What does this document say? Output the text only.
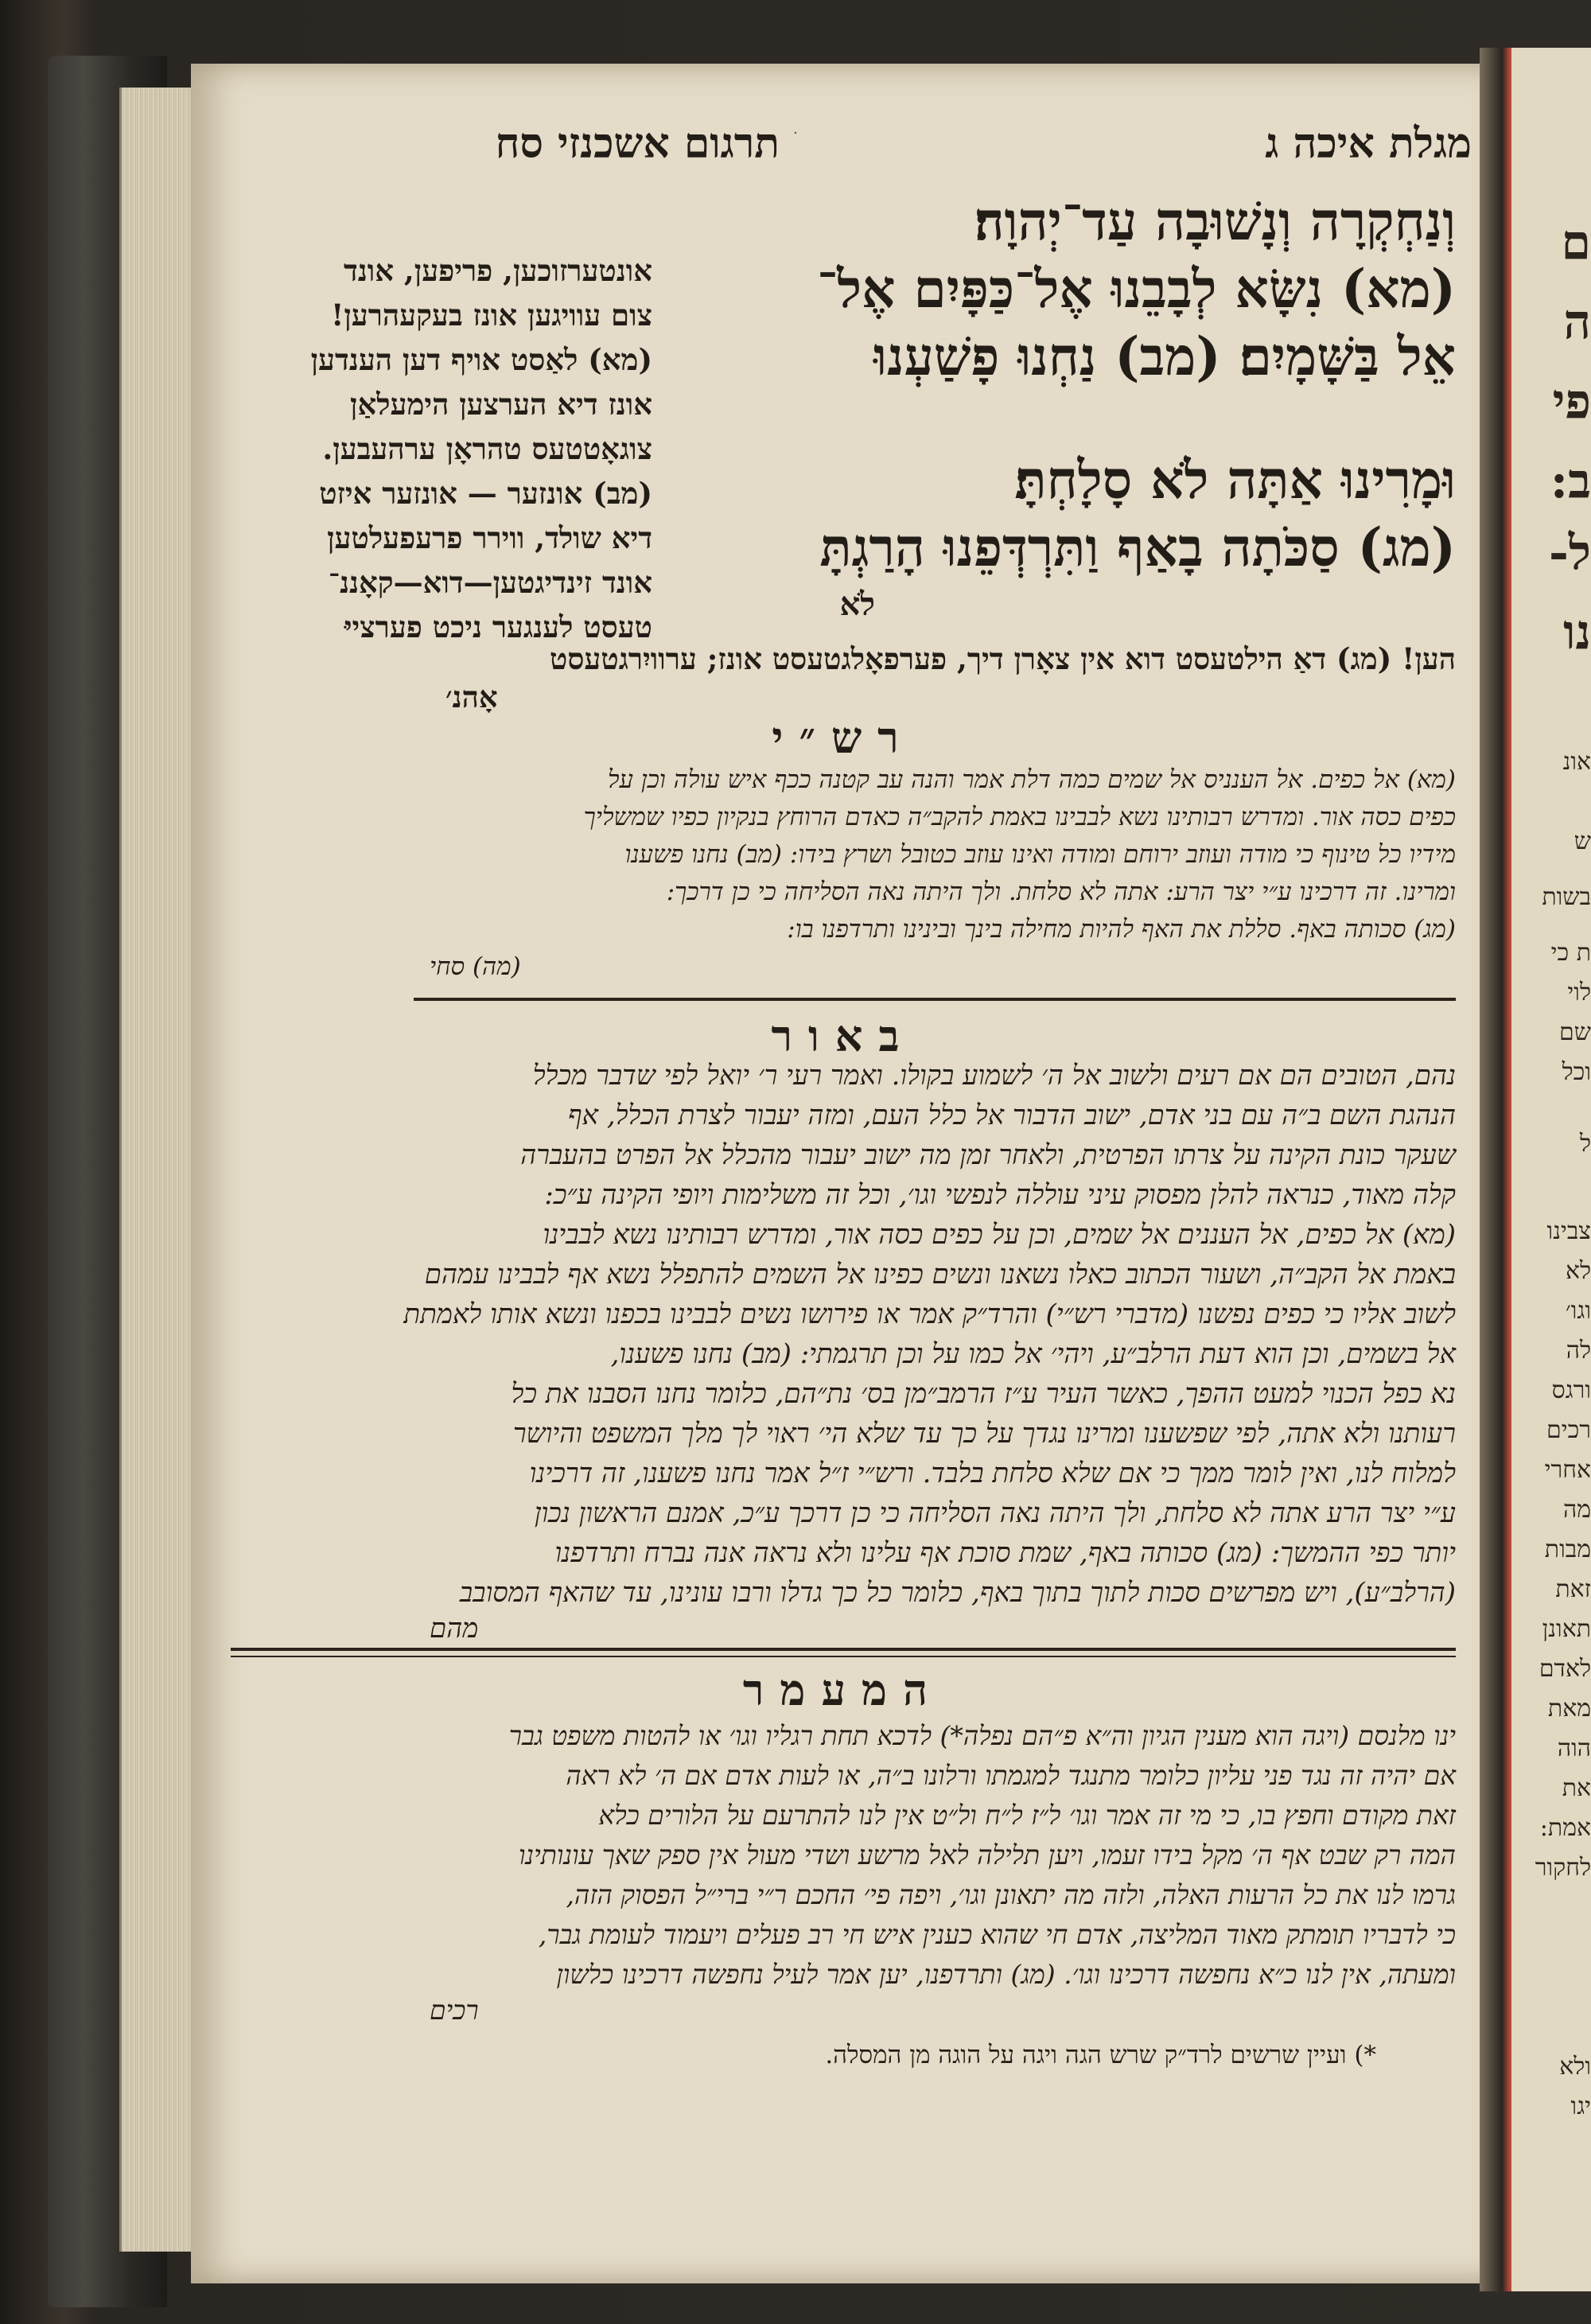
ם
ה
פי
ב:
ל-
נו
אונ
ש
בשות
ת כי
לוי
שם
וכל
ל
צבינו
לא
וגו׳
לה
ורגס
רכים
אחרי
מה
מבות
זאת
תאונן
לאדם
מאת
הוה
את
אמת:
לחקור
ולא
יגו
תרגום אשכנזי סח	מגלת איכה ג
וְנַחְקְרָה וְנָשׁוּבָה עַד־יְהוָה׃
(מא) נִשָּׂא לְבָבֵנוּ אֶל־כַּפָּיִם אֶל־
אֵל בַּשָּׁמָיִם׃ (מב) נַחְנוּ פָשַׁעְנוּ
וּמָרִינוּ אַתָּה לֹא סָלָחְתָּ׃
(מג) סַכֹּתָה בָאַף וַתִּרְדְּפֵנוּ הָרַגְתָּ
לֹא
אונטערזוכען, פריפען, אונד
צום עוויגען אונז בעקעהרען!
(מא) לאַסט אויף דען הענדען
אונז דיא הערצען הימעלאַן
צוגאָטטעס טהראָן ערהעבען.
(מב) אונזער — אונזער איזט
דיא שולד, ווירר פרעפעלטען
אונד זינדיגטען—דוא—קאָננ־
טעסט לענגער ניכט פערצייּ
הען! (מג) דאַ הילטעסט דוא אין צאָרן דיך, פערפאָלגטעסט אונז; ערוויִרגטעסט
אָהנ׳
רש״י
(מא) אל כפים. אל הענניס אל שמים כמה דלת אמר והנה עב קטנה ככף איש עולה וכן על
כפים כסה אור. ומדרש רבותינו נשא לבבינו באמת להקב״ה כאדם הרוחץ בנקיון כפיו שמשליך
מידיו כל טינוף כי מודה ועוזב ירוחם ומודה ואינו עוזב כטובל ושרץ בידו: (מב) נחנו פשענו
ומרינו. זה דרכינו ע״י יצר הרע: אתה לא סלחת. ולך היתה נאה הסליחה כי כן דרכך:
(מג) סכותה באף. סללת את האף להיות מחילה בינך ובינינו ותרדפנו בו:
(מה) סחי
באור
נהם, הטובים הם אם רעים ולשוב אל ה׳ לשמוע בקולו. ואמר רעי ר׳ יואל לפי שדבר מכלל
הנהגת השם ב״ה עם בני אדם, ישוב הדבור אל כלל העם, ומזה יעבור לצרת הכלל, אף
שעקר כונת הקינה על צרתו הפרטית, ולאחר זמן מה ישוב יעבור מהכלל אל הפרט בהעברה
קלה מאוד, כנראה להלן מפסוק עיני עוללה לנפשי וגו׳, וכל זה משלימות ויופי הקינה ע״כ:
(מא) אל כפים, אל העננים אל שמים, וכן על כפים כסה אור, ומדרש רבותינו נשא לבבינו
באמת אל הקב״ה, ושעור הכתוב כאלו נשאנו ונשים כפינו אל השמים להתפלל נשא אף לבבינו עמהם
לשוב אליו כי כפים נפשנו (מדברי רש״י) והרד״ק אמר או פירושו נשים לבבינו בכפנו ונשא אותו לאמתת
אל בשמים, וכן הוא דעת הרלב״ע, ויהי׳ אל כמו על וכן תרגמתי: (מב) נחנו פשענו,
נא כפל הכנוי למעט ההפך, כאשר העיר ע״ז הרמב״מן בס׳ נת״הם, כלומר נחנו הסבנו את כל
רעותנו ולא אתה, לפי שפשענו ומרינו נגדך על כך עד שלא הי׳ ראוי לך מלך המשפט והיושר
למלוח לנו, ואין לומר ממך כי אם שלא סלחת בלבד. ורש״י ז״ל אמר נחנו פשענו, זה דרכינו
ע״י יצר הרע אתה לא סלחת, ולך היתה נאה הסליחה כי כן דרכך ע״כ, אמנם הראשון נכון
יותר כפי ההמשך: (מג) סכותה באף, שמת סוכת אף עלינו ולא נראה אנה נברח ותרדפנו
(הרלב״ע), ויש מפרשים סכות לתוך בתוך באף, כלומר כל כך גדלו ורבו עונינו, עד שהאף המסובב
מהם
המעמר
ינו מלנסם (ויגה הוא מענין הגיון וה״א פ״הם נפלה*) לדכא תחת רגליו וגו׳ או להטות משפט גבר
אם יהיה זה נגד פני עליון כלומר מתנגד למגמתו ורלונו ב״ה, או לעות אדם אם ה׳ לא ראה
זאת מקודם וחפץ בו, כי מי זה אמר וגו׳ ל״ז ל״ח ול״ט אין לנו להתרעם על הלורים כלא
המה רק שבט אף ה׳ מקל בידו זעמו, ויען תלילה לאל מרשע ושדי מעול אין ספק שאך עונותינו
גרמו לנו את כל הרעות האלה, ולזה מה יתאונן וגו׳, ויפה פי׳ החכם ר״י ברי״ל הפסוק הזה,
כי לדבריו תומתק מאוד המליצה, אדם חי שהוא כענין איש חי רב פעלים ויעמוד לעומת גבר,
ומעתה, אין לנו כ״א נחפשה דרכינו וגו׳. (מג) ותרדפנו, יען אמר לעיל נחפשה דרכינו כלשון
רכים
*) ועיין שרשים לרד״ק שרש הגה ויגה על הוגה מן המסלה.
